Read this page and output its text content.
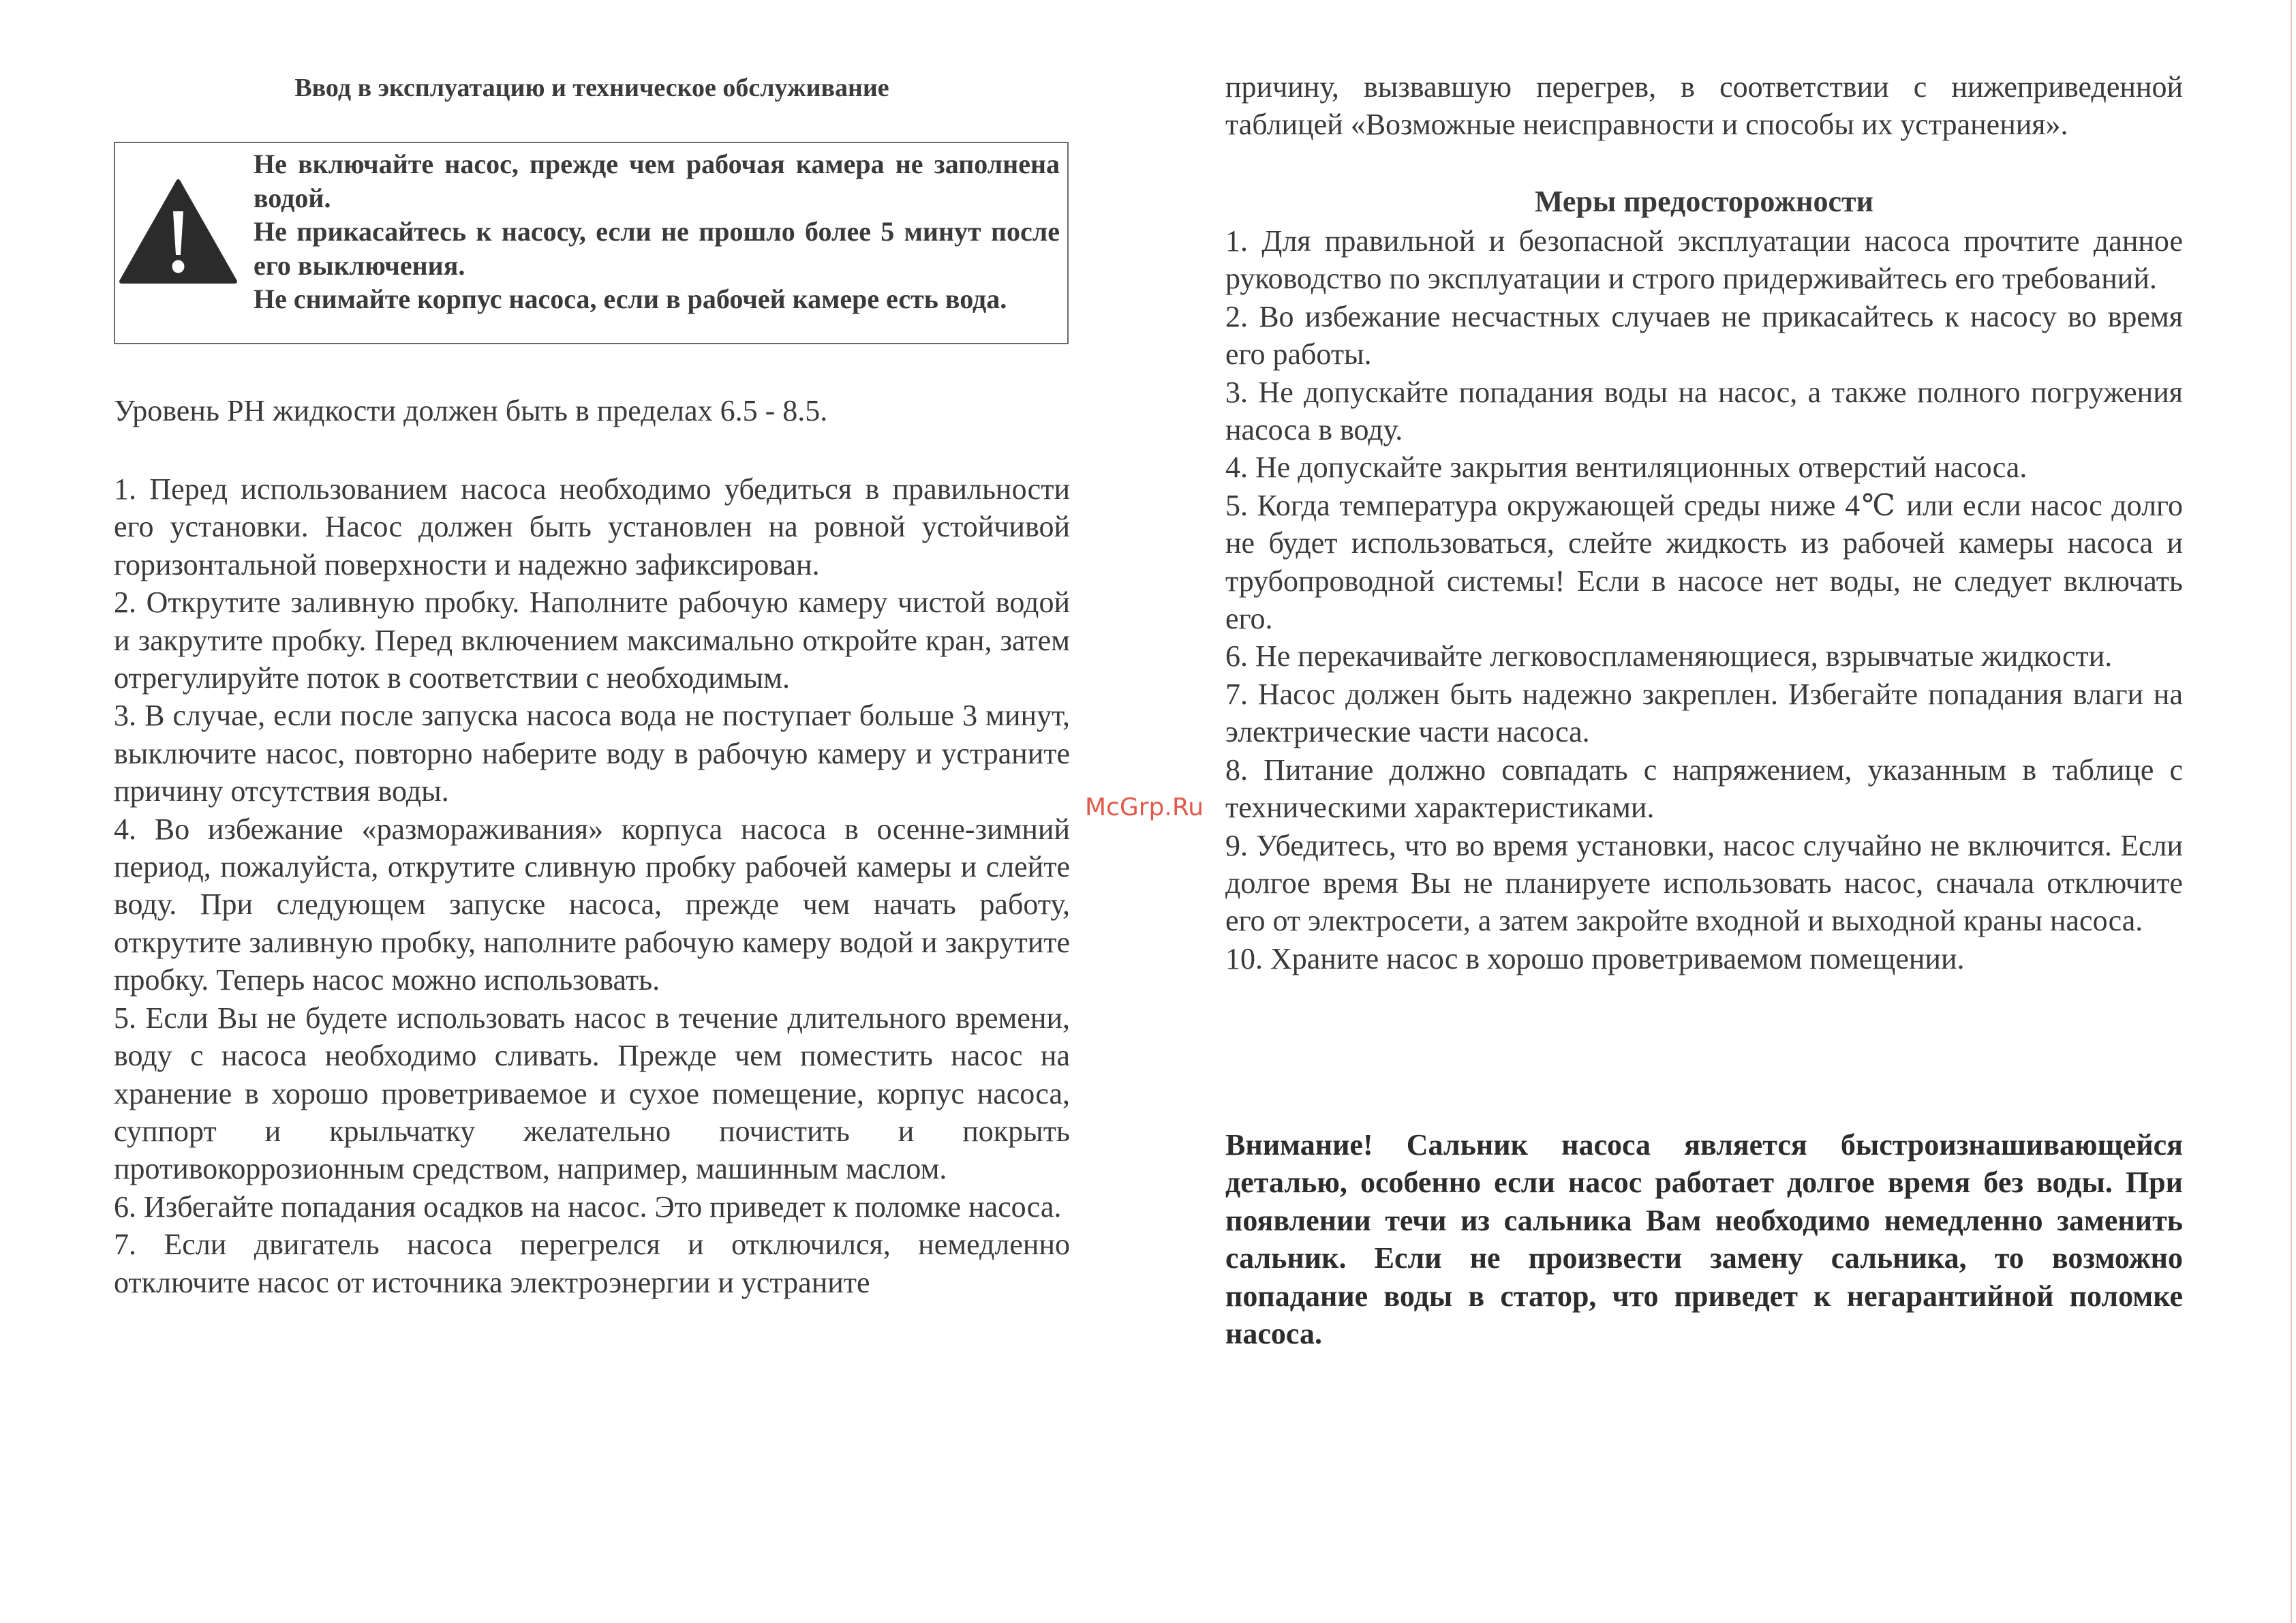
Ввод в эксплуатацию и техническое обслуживание

Не включайте насос, прежде чем рабочая камера не заполнена водой.

Не прикасайтесь к насосу, если не прошло более 5 минут после его выключения.

Не снимайте корпус насоса, если в рабочей камере есть вода.

Уровень PH жидкости должен быть в пределах 6.5 - 8.5.

1. Перед использованием насоса необходимо убедиться в правильности его установки. Насос должен быть установлен на ровной устойчивой горизонтальной поверхности и надежно зафиксирован.

2. Открутите заливную пробку. Наполните рабочую камеру чистой водой и закрутите пробку. Перед включением максимально откройте кран, затем отрегулируйте поток в соответствии с необходимым.

3. В случае, если после запуска насоса вода не поступает больше 3 минут, выключите насос, повторно наберите воду в рабочую камеру и устраните причину отсутствия воды.

4. Во избежание «размораживания» корпуса насоса в осенне-зимний период, пожалуйста, открутите сливную пробку рабочей камеры и слейте воду. При следующем запуске насоса, прежде чем начать работу, открутите заливную пробку, наполните рабочую камеру водой и закрутите пробку. Теперь насос можно использовать.

5. Если Вы не будете использовать насос в течение длительного времени, воду с насоса необходимо сливать. Прежде чем поместить насос на хранение в хорошо проветриваемое и сухое помещение, корпус насоса, суппорт и крыльчатку желательно почистить и покрыть противокоррозионным средством, например, машинным маслом.

6. Избегайте попадания осадков на насос. Это приведет к поломке насоса.

7. Если двигатель насоса перегрелся и отключился, немедленно отключите насос от источника электроэнергии и устраните

McGrp.Ru

причину, вызвавшую перегрев, в соответствии с нижеприведенной таблицей «Возможные неисправности и способы их устранения».

Меры предосторожности

1. Для правильной и безопасной эксплуатации насоса прочтите данное руководство по эксплуатации и строго придерживайтесь его требований.

2. Во избежание несчастных случаев не прикасайтесь к насосу во время его работы.

3. Не допускайте попадания воды на насос, а также полного погружения насоса в воду.

4. Не допускайте закрытия вентиляционных отверстий насоса.

5. Когда температура окружающей среды ниже 4℃ или если насос долго не будет использоваться, слейте жидкость из рабочей камеры насоса и трубопроводной системы! Если в насосе нет воды, не следует включать его.

6. Не перекачивайте легковоспламеняющиеся, взрывчатые жидкости.

7. Насос должен быть надежно закреплен. Избегайте попадания влаги на электрические части насоса.

8. Питание должно совпадать с напряжением, указанным в таблице с техническими характеристиками.

9. Убедитесь, что во время установки, насос случайно не включится. Если долгое время Вы не планируете использовать насос, сначала отключите его от электросети, а затем закройте входной и выходной краны насоса.

10. Храните насос в хорошо проветриваемом помещении.

Внимание! Сальник насоса является быстроизнашивающейся деталью, особенно если насос работает долгое время без воды. При появлении течи из сальника Вам необходимо немедленно заменить сальник. Если не произвести замену сальника, то возможно попадание воды в статор, что приведет к негарантийной поломке насоса.
